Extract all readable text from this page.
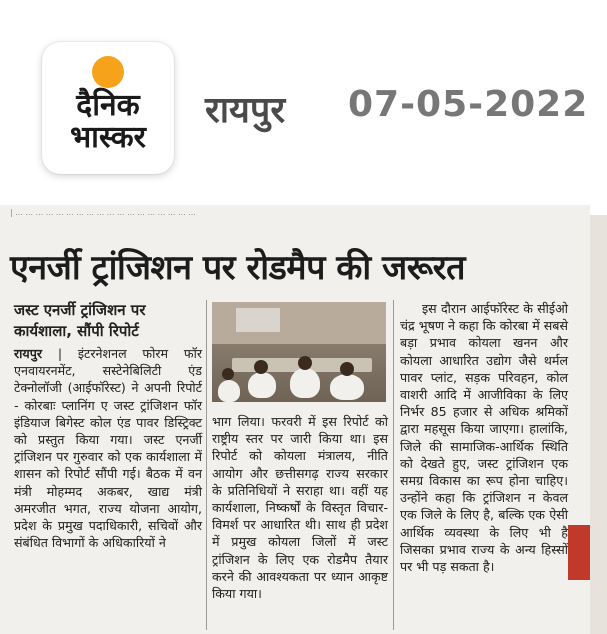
दैनिक
भास्कर
रायपुर 07-05-2022
| ... ... ... ... ... ... ... ... ... ... ... ... ... ... ... ... ... ...
एनर्जी ट्रांजिशन पर रोडमैप की जरूरत
जस्ट एनर्जी ट्रांजिशन पर कार्यशाला, सौंपी रिपोर्ट
रायपुर | इंटरनेशनल फोरम फॉर एनवायरनमेंट, सस्टेनेबिलिटी एंड टेक्नोलॉजी (आईफॉरेस्ट) ने अपनी रिपोर्ट - कोरबाः प्लानिंग ए जस्ट ट्रांजिशन फॉर इंडियाज बिगेस्ट कोल एंड पावर डिस्ट्रिक्ट को प्रस्तुत किया गया। जस्ट एनर्जी ट्रांजिशन पर गुरुवार को एक कार्यशाला में शासन को रिपोर्ट सौंपी गई। बैठक में वन मंत्री मोहम्मद अकबर, खाद्य मंत्री अमरजीत भगत, राज्य योजना आयोग, प्रदेश के प्रमुख पदाधिकारी, सचिवों और संबंधित विभागों के अधिकारियों ने
भाग लिया। फरवरी में इस रिपोर्ट को राष्ट्रीय स्तर पर जारी किया था। इस रिपोर्ट को कोयला मंत्रालय, नीति आयोग और छत्तीसगढ़ राज्य सरकार के प्रतिनिधियों ने सराहा था। वहीं यह कार्यशाला, निष्कर्षों के विस्तृत विचार-विमर्श पर आधारित थी। साथ ही प्रदेश में प्रमुख कोयला जिलों में जस्ट ट्रांजिशन के लिए एक रोडमैप तैयार करने की आवश्यकता पर ध्यान आकृष्ट किया गया।
इस दौरान आईफॉरेस्ट के सीईओ चंद्र भूषण ने कहा कि कोरबा में सबसे बड़ा प्रभाव कोयला खनन और कोयला आधारित उद्योग जैसे थर्मल पावर प्लांट, सड़क परिवहन, कोल वाशरी आदि में आजीविका के लिए निर्भर 85 हजार से अधिक श्रमिकों द्वारा महसूस किया जाएगा। हालांकि, जिले की सामाजिक-आर्थिक स्थिति को देखते हुए, जस्ट ट्रांजिशन एक समग्र विकास का रूप होना चाहिए। उन्होंने कहा कि ट्रांजिशन न केवल एक जिले के लिए है, बल्कि एक ऐसी आर्थिक व्यवस्था के लिए भी है जिसका प्रभाव राज्य के अन्य हिस्सों पर भी पड़ सकता है।
